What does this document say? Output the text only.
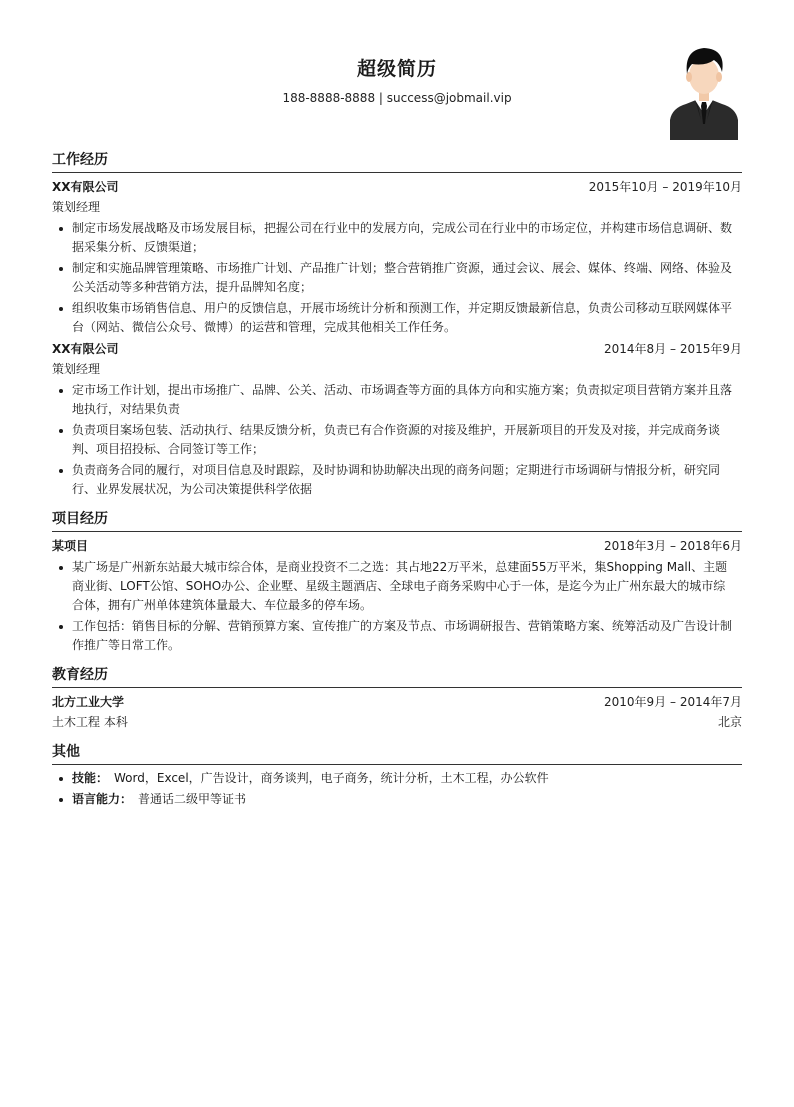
超级简历
188-8888-8888 | success@jobmail.vip
工作经历
XX有限公司	2015年10月 – 2019年10月
策划经理
制定市场发展战略及市场发展目标，把握公司在行业中的发展方向，完成公司在行业中的市场定位，并构建市场信息调研、数据采集分析、反馈渠道；
制定和实施品牌管理策略、市场推广计划、产品推广计划；整合营销推广资源，通过会议、展会、媒体、终端、网络、体验及公关活动等多种营销方法，提升品牌知名度；
组织收集市场销售信息、用户的反馈信息，开展市场统计分析和预测工作，并定期反馈最新信息，负责公司移动互联网媒体平台（网站、微信公众号、微博）的运营和管理，完成其他相关工作任务。
XX有限公司	2014年8月 – 2015年9月
策划经理
定市场工作计划，提出市场推广、品牌、公关、活动、市场调查等方面的具体方向和实施方案；负责拟定项目营销方案并且落地执行，对结果负责
负责项目案场包装、活动执行、结果反馈分析，负责已有合作资源的对接及维护，开展新项目的开发及对接，并完成商务谈判、项目招投标、合同签订等工作；
负责商务合同的履行，对项目信息及时跟踪，及时协调和协助解决出现的商务问题；定期进行市场调研与情报分析，研究同行、业界发展状况，为公司决策提供科学依据
项目经历
某项目	2018年3月 – 2018年6月
某广场是广州新东站最大城市综合体，是商业投资不二之选：其占地22万平米，总建面55万平米，集Shopping Mall、主题商业街、LOFT公馆、SOHO办公、企业墅、星级主题酒店、全球电子商务采购中心于一体，是迄今为止广州东最大的城市综合体，拥有广州单体建筑体量最大、车位最多的停车场。
工作包括：销售目标的分解、营销预算方案、宣传推广的方案及节点、市场调研报告、营销策略方案、统筹活动及广告设计制作推广等日常工作。
教育经历
北方工业大学	2010年9月 – 2014年7月
土木工程 本科	北京
其他
技能： Word，Excel，广告设计，商务谈判，电子商务，统计分析，土木工程，办公软件
语言能力： 普通话二级甲等证书
